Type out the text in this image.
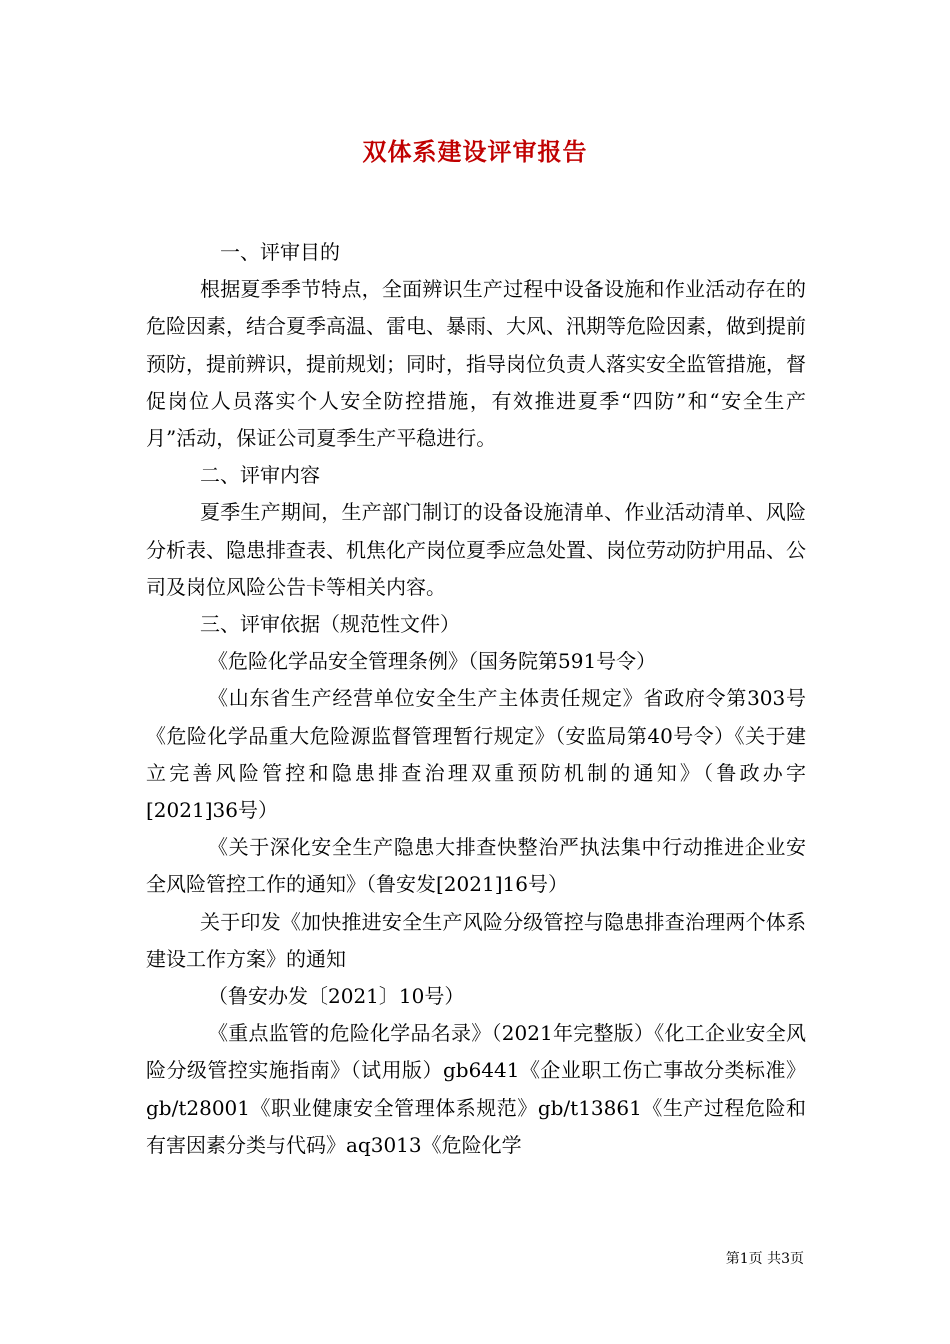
双体系建设评审报告

一、评审目的

根据夏季季节特点，全面辨识生产过程中设备设施和作业活动存在的危险因素，结合夏季高温、雷电、暴雨、大风、汛期等危险因素，做到提前预防，提前辨识，提前规划；同时，指导岗位负责人落实安全监管措施，督促岗位人员落实个人安全防控措施，有效推进夏季“四防”和“安全生产月”活动，保证公司夏季生产平稳进行。

二、评审内容

夏季生产期间，生产部门制订的设备设施清单、作业活动清单、风险分析表、隐患排查表、机焦化产岗位夏季应急处置、岗位劳动防护用品、公司及岗位风险公告卡等相关内容。

三、评审依据（规范性文件）

《危险化学品安全管理条例》（国务院第591号令）

《山东省生产经营单位安全生产主体责任规定》省政府令第303号《危险化学品重大危险源监督管理暂行规定》（安监局第40号令）《关于建立完善风险管控和隐患排查治理双重预防机制的通知》（鲁政办字[2021]36号）

《关于深化安全生产隐患大排查快整治严执法集中行动推进企业安全风险管控工作的通知》（鲁安发[2021]16号）

关于印发《加快推进安全生产风险分级管控与隐患排查治理两个体系建设工作方案》的通知

（鲁安办发〔2021〕10号）

《重点监管的危险化学品名录》（2021年完整版）《化工企业安全风险分级管控实施指南》（试用版）gb6441《企业职工伤亡事故分类标准》gb/t28001《职业健康安全管理体系规范》gb/t13861《生产过程危险和有害因素分类与代码》aq3013《危险化学

第1页 共3页
